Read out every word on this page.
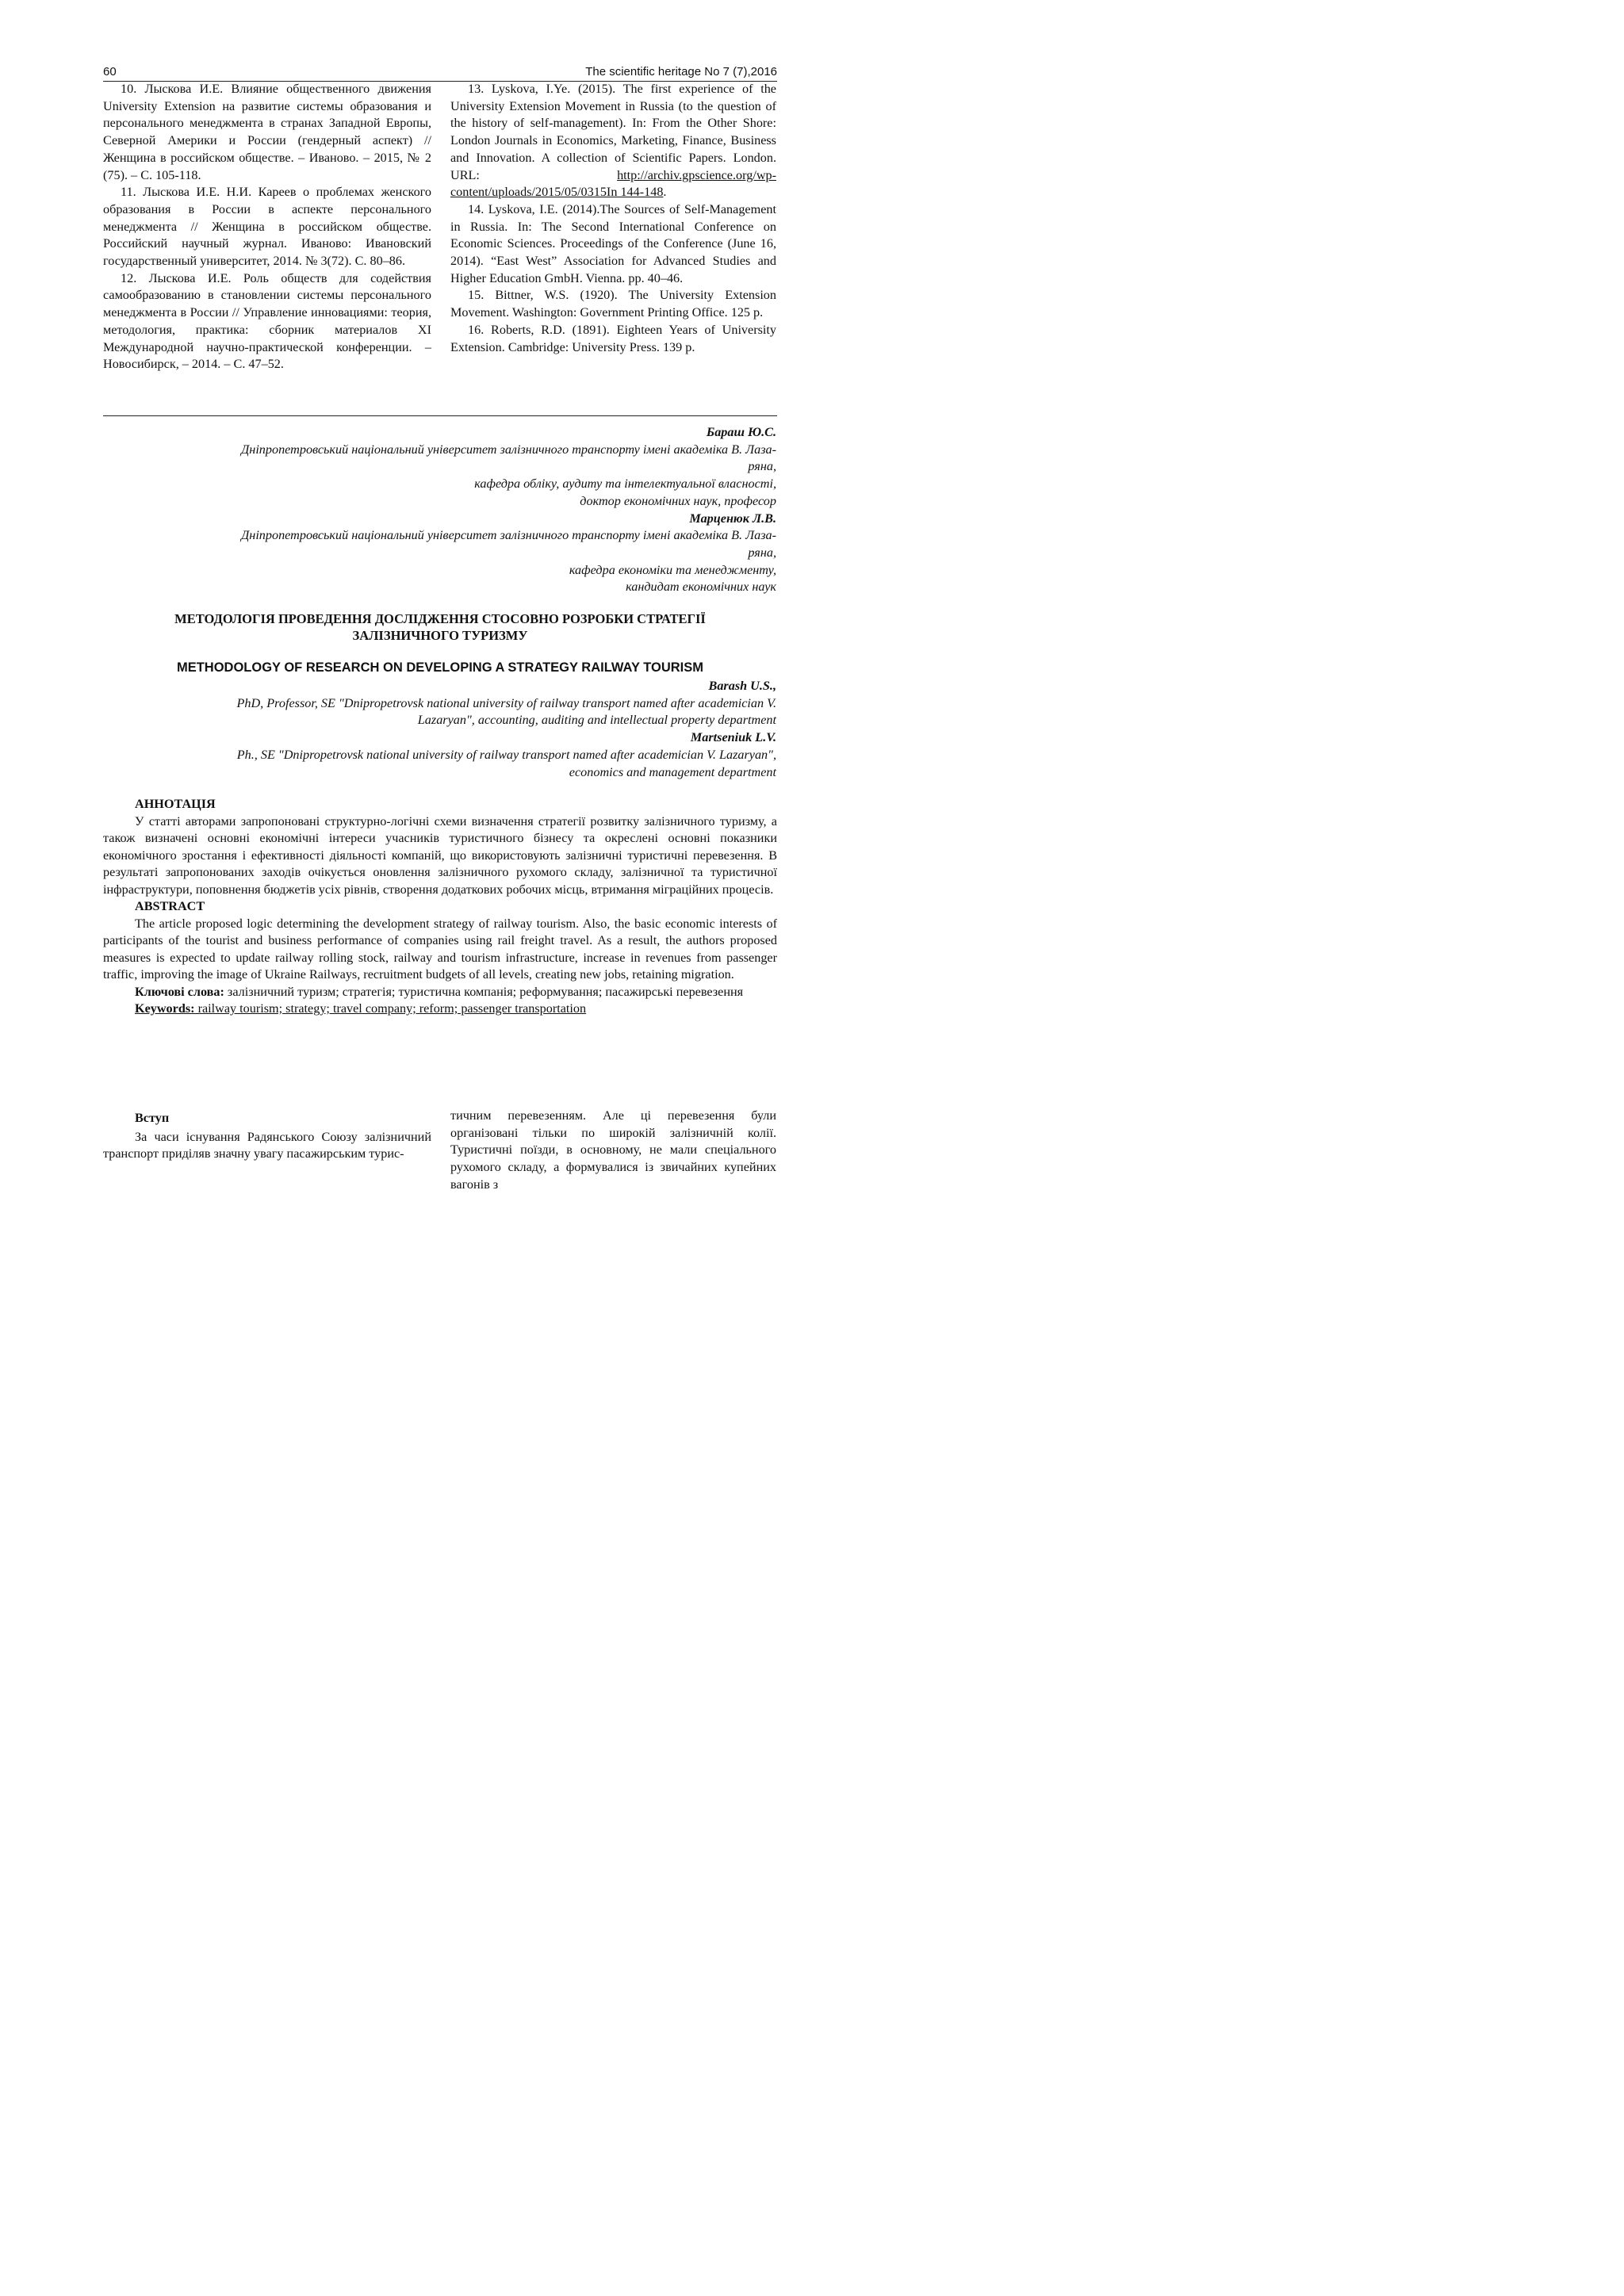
60	The scientific heritage No 7 (7),2016

10. Лыскова И.Е. Влияние общественного движения University Extension на развитие системы образования и персонального менеджмента в странах Западной Европы, Северной Америки и России (гендерный аспект) // Женщина в российском обществе. – Иваново. – 2015, № 2 (75). – С. 105-118.

11. Лыскова И.Е. Н.И. Кареев о проблемах женского образования в России в аспекте персонального менеджмента // Женщина в российском обществе. Российский научный журнал. Иваново: Ивановский государственный университет, 2014. № 3(72). С. 80–86.

12. Лыскова И.Е. Роль обществ для содействия самообразованию в становлении системы персонального менеджмента в России // Управление инновациями: теория, методология, практика: сборник материалов XI Международной научно-практической конференции. – Новосибирск, – 2014. – С. 47–52.

13. Lyskova, I.Ye. (2015). The first experience of the University Extension Movement in Russia (to the question of the history of self-management). In: From the Other Shore: London Journals in Economics, Marketing, Finance, Business and Innovation. A collection of Scientific Papers. London. URL: http://archiv.gpscience.org/wp-content/uploads/2015/05/0315In 144-148.

14. Lyskova, I.E. (2014).The Sources of Self-Management in Russia. In: The Second International Conference on Economic Sciences. Proceedings of the Conference (June 16, 2014). “East West” Association for Advanced Studies and Higher Education GmbH. Vienna. pp. 40–46.

15. Bittner, W.S. (1920). The University Extension Movement. Washington: Government Printing Office. 125 p.

16. Roberts, R.D. (1891). Eighteen Years of University Extension. Cambridge: University Press. 139 p.

Бараш Ю.С.
Дніпропетровський національний університет залізничного транспорту імені академіка В. Лаза-
ряна,
кафедра обліку, аудиту та інтелектуальної власності,
доктор економічних наук, професор
Марценюк Л.В.
Дніпропетровський національний університет залізничного транспорту імені академіка В. Лаза-
ряна,
кафедра економіки та менеджменту,
кандидат економічних наук
МЕТОДОЛОГІЯ ПРОВЕДЕННЯ ДОСЛІДЖЕННЯ СТОСОВНО РОЗРОБКИ СТРАТЕГІЇ
ЗАЛІЗНИЧНОГО ТУРИЗМУ
METHODOLOGY OF RESEARCH ON DEVELOPING A STRATEGY RAILWAY TOURISM
Barash U.S.,
PhD, Professor, SE "Dnipropetrovsk national university of railway transport named after academician V.
Lazaryan", accounting, auditing and intellectual property department
Martseniuk L.V.
Ph., SE "Dnipropetrovsk national university of railway transport named after academician V. Lazaryan",
economics and management department
АННОТАЦІЯ

У статті авторами запропоновані структурно-логічні схеми визначення стратегії розвитку залізничного туризму, а також визначені основні економічні інтереси учасників туристичного бізнесу та окреслені основні показники економічного зростання і ефективності діяльності компаній, що використовують залізничні туристичні перевезення. В результаті запропонованих заходів очікується оновлення залізничного рухомого складу, залізничної та туристичної інфраструктури, поповнення бюджетів усіх рівнів, створення додаткових робочих місць, втримання міграційних процесів.

ABSTRACT

The article proposed logic determining the development strategy of railway tourism. Also, the basic economic interests of participants of the tourist and business performance of companies using rail freight travel. As a result, the authors proposed measures is expected to update railway rolling stock, railway and tourism infrastructure, increase in revenues from passenger traffic, improving the image of Ukraine Railways, recruitment budgets of all levels, creating new jobs, retaining migration.

Ключові слова: залізничний туризм; стратегія; туристична компанія; реформування; пасажирські перевезення

Keywords: railway tourism; strategy; travel company; reform; passenger transportation
Вступ

За часи існування Радянського Союзу залізничний транспорт приділяв значну увагу пасажирським турис-

тичним перевезенням. Але ці перевезення були організовані тільки по широкій залізничній колії. Туристичні поїзди, в основному, не мали спеціального рухомого складу, а формувалися із звичайних купейних вагонів з
